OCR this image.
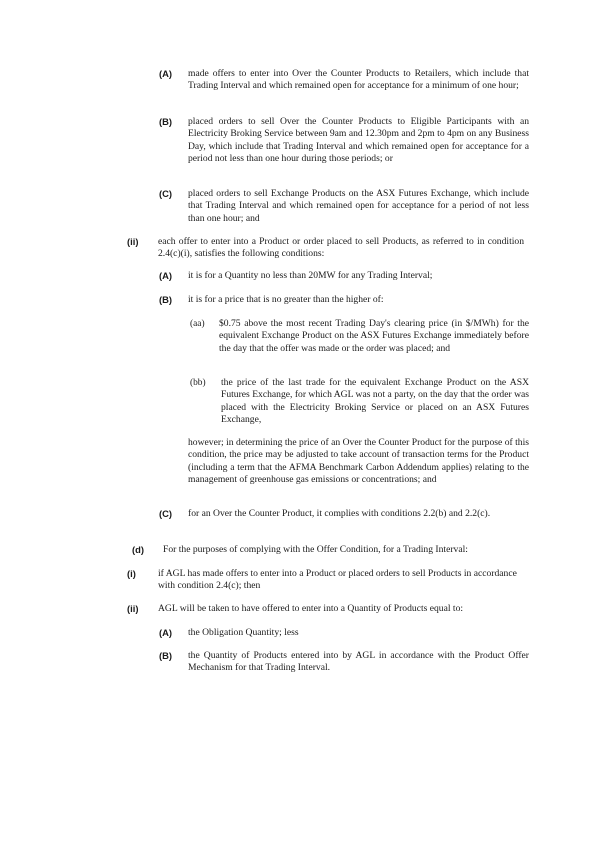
(A) made offers to enter into Over the Counter Products to Retailers, which include that Trading Interval and which remained open for acceptance for a minimum of one hour;
(B) placed orders to sell Over the Counter Products to Eligible Participants with an Electricity Broking Service between 9am and 12.30pm and 2pm to 4pm on any Business Day, which include that Trading Interval and which remained open for acceptance for a period not less than one hour during those periods; or
(C) placed orders to sell Exchange Products on the ASX Futures Exchange, which include that Trading Interval and which remained open for acceptance for a period of not less than one hour; and
(ii) each offer to enter into a Product or order placed to sell Products, as referred to in condition 2.4(c)(i), satisfies the following conditions:
(A) it is for a Quantity no less than 20MW for any Trading Interval;
(B) it is for a price that is no greater than the higher of:
(aa) $0.75 above the most recent Trading Day's clearing price (in $/MWh) for the equivalent Exchange Product on the ASX Futures Exchange immediately before the day that the offer was made or the order was placed; and
(bb) the price of the last trade for the equivalent Exchange Product on the ASX Futures Exchange, for which AGL was not a party, on the day that the order was placed with the Electricity Broking Service or placed on an ASX Futures Exchange,
however; in determining the price of an Over the Counter Product for the purpose of this condition, the price may be adjusted to take account of transaction terms for the Product (including a term that the AFMA Benchmark Carbon Addendum applies) relating to the management of greenhouse gas emissions or concentrations; and
(C) for an Over the Counter Product, it complies with conditions 2.2(b) and 2.2(c).
(d) For the purposes of complying with the Offer Condition, for a Trading Interval:
(i) if AGL has made offers to enter into a Product or placed orders to sell Products in accordance with condition 2.4(c); then
(ii) AGL will be taken to have offered to enter into a Quantity of Products equal to:
(A) the Obligation Quantity; less
(B) the Quantity of Products entered into by AGL in accordance with the Product Offer Mechanism for that Trading Interval.
